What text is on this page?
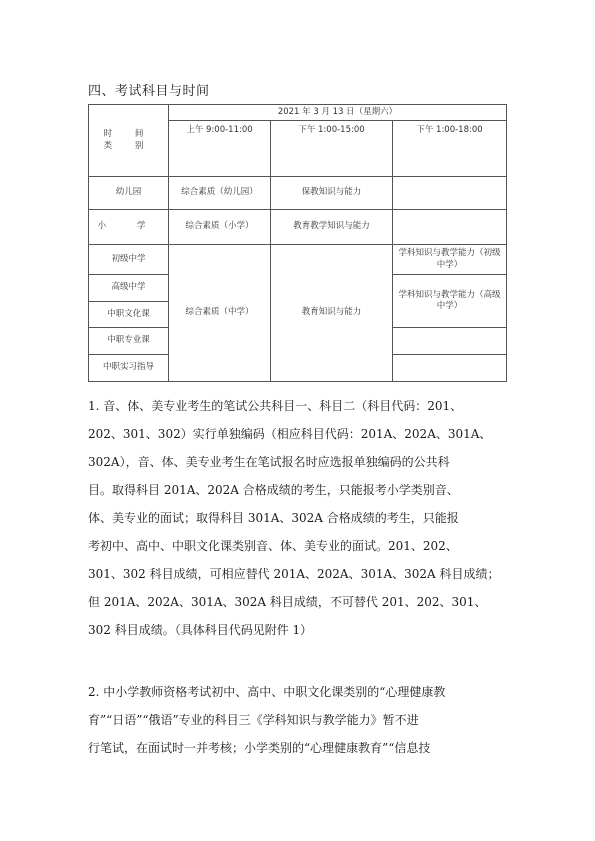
四、考试科目与时间
时 间
类 别	2021 年 3 月 13 日（星期六）		
	上午 9:00-11:00	下午 1:00-15:00	下午 1:00-18:00
幼儿园	综合素质（幼儿园）	保教知识与能力	
小 学	综合素质（小学）	教育教学知识与能力	
初级中学	综合素质（中学）	教育知识与能力	学科知识与教学能力（初级中学）
高级中学			学科知识与教学能力（高级中学）
中职文化课			
中职专业课			
中职实习指导			

1. 音、体、美专业考生的笔试公共科目一、科目二（科目代码：201、
202、301、302）实行单独编码（相应科目代码：201A、202A、301A、
302A），音、体、美专业考生在笔试报名时应选报单独编码的公共科
目。取得科目 201A、202A 合格成绩的考生，只能报考小学类别音、
体、美专业的面试；取得科目 301A、302A 合格成绩的考生，只能报
考初中、高中、中职文化课类别音、体、美专业的面试。201、202、
301、302 科目成绩，可相应替代 201A、202A、301A、302A 科目成绩；
但 201A、202A、301A、302A 科目成绩，不可替代 201、202、301、
302 科目成绩。（具体科目代码见附件 1）

2. 中小学教师资格考试初中、高中、中职文化课类别的“心理健康教
育”“日语”“俄语”专业的科目三《学科知识与教学能力》暂不进
行笔试，在面试时一并考核；小学类别的“心理健康教育”“信息技
